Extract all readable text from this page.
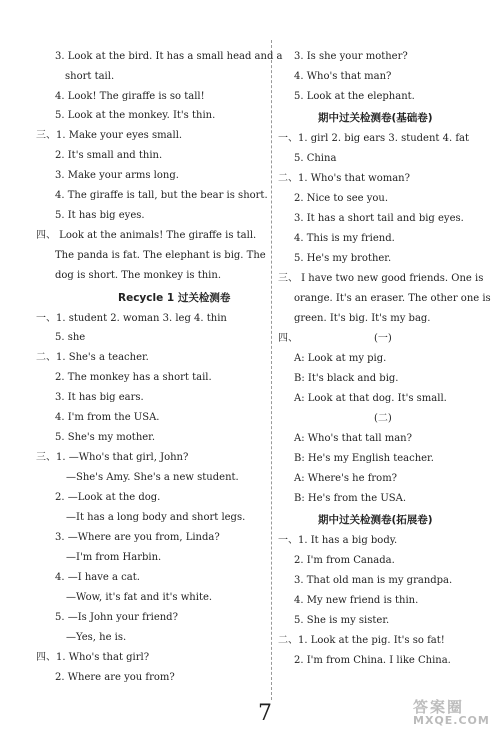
3. Look at the bird. It has a small head and a
short tail.
4. Look! The giraffe is so tall!
5. Look at the monkey. It's thin.
三、1. Make your eyes small.
2. It's small and thin.
3. Make your arms long.
4. The giraffe is tall, but the bear is short.
5. It has big eyes.
四、 Look at the animals! The giraffe is tall.
The panda is fat. The elephant is big. The
dog is short. The monkey is thin.
一、1. student 2. woman 3. leg 4. thin
5. she
二、1. She's a teacher.
2. The monkey has a short tail.
3. It has big ears.
4. I'm from the USA.
5. She's my mother.
三、1. —Who's that girl, John?
—She's Amy. She's a new student.
2. —Look at the dog.
—It has a long body and short legs.
3. —Where are you from, Linda?
—I'm from Harbin.
4. —I have a cat.
—Wow, it's fat and it's white.
5. —Is John your friend?
—Yes, he is.
四、1. Who's that girl?
2. Where are you from?
Recycle 1 过关检测卷
3. Is she your mother?
4. Who's that man?
5. Look at the elephant.
一、1. girl 2. big ears 3. student 4. fat
5. China
二、1. Who's that woman?
2. Nice to see you.
3. It has a short tail and big eyes.
4. This is my friend.
5. He's my brother.
三、 I have two new good friends. One is
orange. It's an eraser. The other one is
green. It's big. It's my bag.
四、	(一)
A: Look at my pig.
B: It's black and big.
A: Look at that dog. It's small.
(二)
A: Who's that tall man?
B: He's my English teacher.
A: Where's he from?
B: He's from the USA.
一、1. It has a big body.
2. I'm from Canada.
3. That old man is my grandpa.
4. My new friend is thin.
5. She is my sister.
二、1. Look at the pig. It's so fat!
2. I'm from China. I like China.
期中过关检测卷(基础卷)
期中过关检测卷(拓展卷)
7	答案圈
MXQE.COM
